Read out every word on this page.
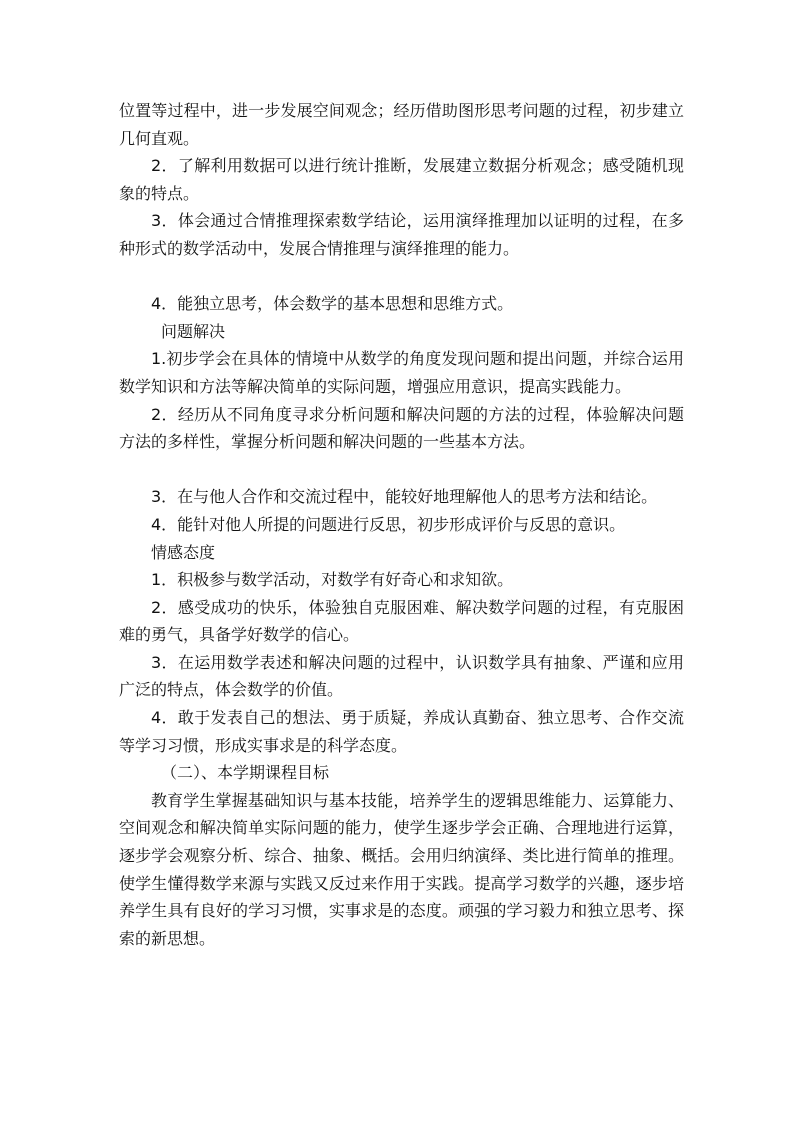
位置等过程中，进一步发展空间观念；经历借助图形思考问题的过程，初步建立几何直观。

2．了解利用数据可以进行统计推断，发展建立数据分析观念；感受随机现象的特点。

3．体会通过合情推理探索数学结论，运用演绎推理加以证明的过程，在多种形式的数学活动中，发展合情推理与演绎推理的能力。

4．能独立思考，体会数学的基本思想和思维方式。

问题解决

1.初步学会在具体的情境中从数学的角度发现问题和提出问题，并综合运用数学知识和方法等解决简单的实际问题，增强应用意识，提高实践能力。

2．经历从不同角度寻求分析问题和解决问题的方法的过程，体验解决问题方法的多样性，掌握分析问题和解决问题的一些基本方法。

3．在与他人合作和交流过程中，能较好地理解他人的思考方法和结论。

4．能针对他人所提的问题进行反思，初步形成评价与反思的意识。

情感态度

1．积极参与数学活动，对数学有好奇心和求知欲。

2．感受成功的快乐，体验独自克服困难、解决数学问题的过程，有克服困难的勇气，具备学好数学的信心。

3．在运用数学表述和解决问题的过程中，认识数学具有抽象、严谨和应用广泛的特点，体会数学的价值。

4．敢于发表自己的想法、勇于质疑，养成认真勤奋、独立思考、合作交流等学习习惯，形成实事求是的科学态度。

（二）、本学期课程目标

教育学生掌握基础知识与基本技能，培养学生的逻辑思维能力、运算能力、空间观念和解决简单实际问题的能力，使学生逐步学会正确、合理地进行运算，逐步学会观察分析、综合、抽象、概括。会用归纳演绎、类比进行简单的推理。使学生懂得数学来源与实践又反过来作用于实践。提高学习数学的兴趣，逐步培养学生具有良好的学习习惯，实事求是的态度。顽强的学习毅力和独立思考、探索的新思想。
